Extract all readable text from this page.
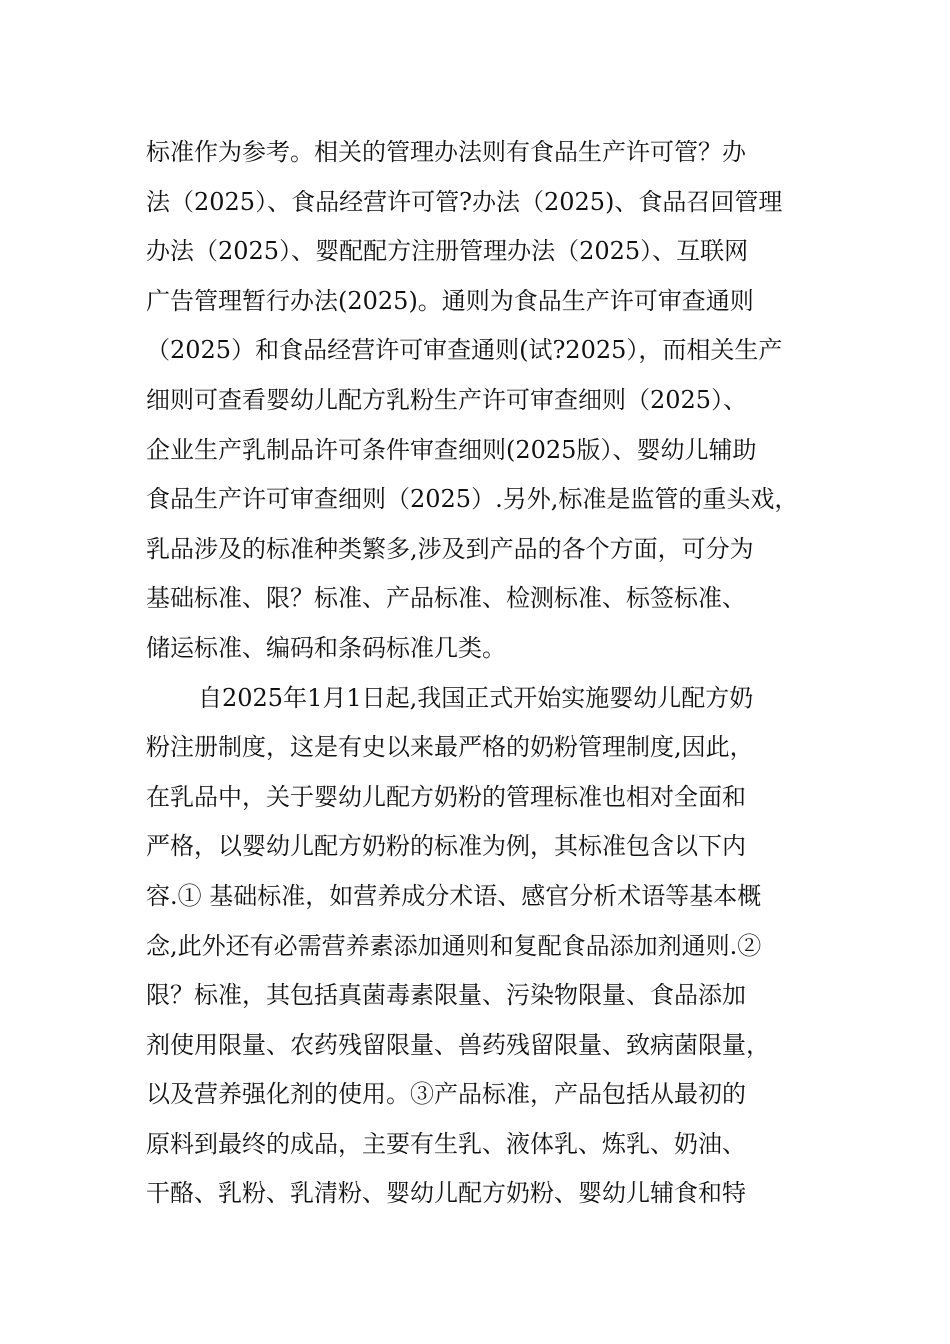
标准作为参考。相关的管理办法则有食品生产许可管？办
法（2025）、食品经营许可管?办法（2025)、食品召回管理
办法（2025）、婴配配方注册管理办法（2025）、互联网
广告管理暂行办法(2025)。通则为食品生产许可审查通则
（2025）和食品经营许可审查通则(试?2025），而相关生产
细则可查看婴幼儿配方乳粉生产许可审查细则（2025）、
企业生产乳制品许可条件审查细则(2025版）、婴幼儿辅助
食品生产许可审查细则（2025）.另外,标准是监管的重头戏，
乳品涉及的标准种类繁多,涉及到产品的各个方面，可分为
基础标准、限？标准、产品标准、检测标准、标签标准、
储运标准、编码和条码标准几类。
自2025年1月1日起,我国正式开始实施婴幼儿配方奶
粉注册制度，这是有史以来最严格的奶粉管理制度,因此，
在乳品中，关于婴幼儿配方奶粉的管理标准也相对全面和
严格，以婴幼儿配方奶粉的标准为例，其标准包含以下内
容.① 基础标准，如营养成分术语、感官分析术语等基本概
念,此外还有必需营养素添加通则和复配食品添加剂通则.②
限？标准，其包括真菌毒素限量、污染物限量、食品添加
剂使用限量、农药残留限量、兽药残留限量、致病菌限量，
以及营养强化剂的使用。③产品标准，产品包括从最初的
原料到最终的成品，主要有生乳、液体乳、炼乳、奶油、
干酪、乳粉、乳清粉、婴幼儿配方奶粉、婴幼儿辅食和特
